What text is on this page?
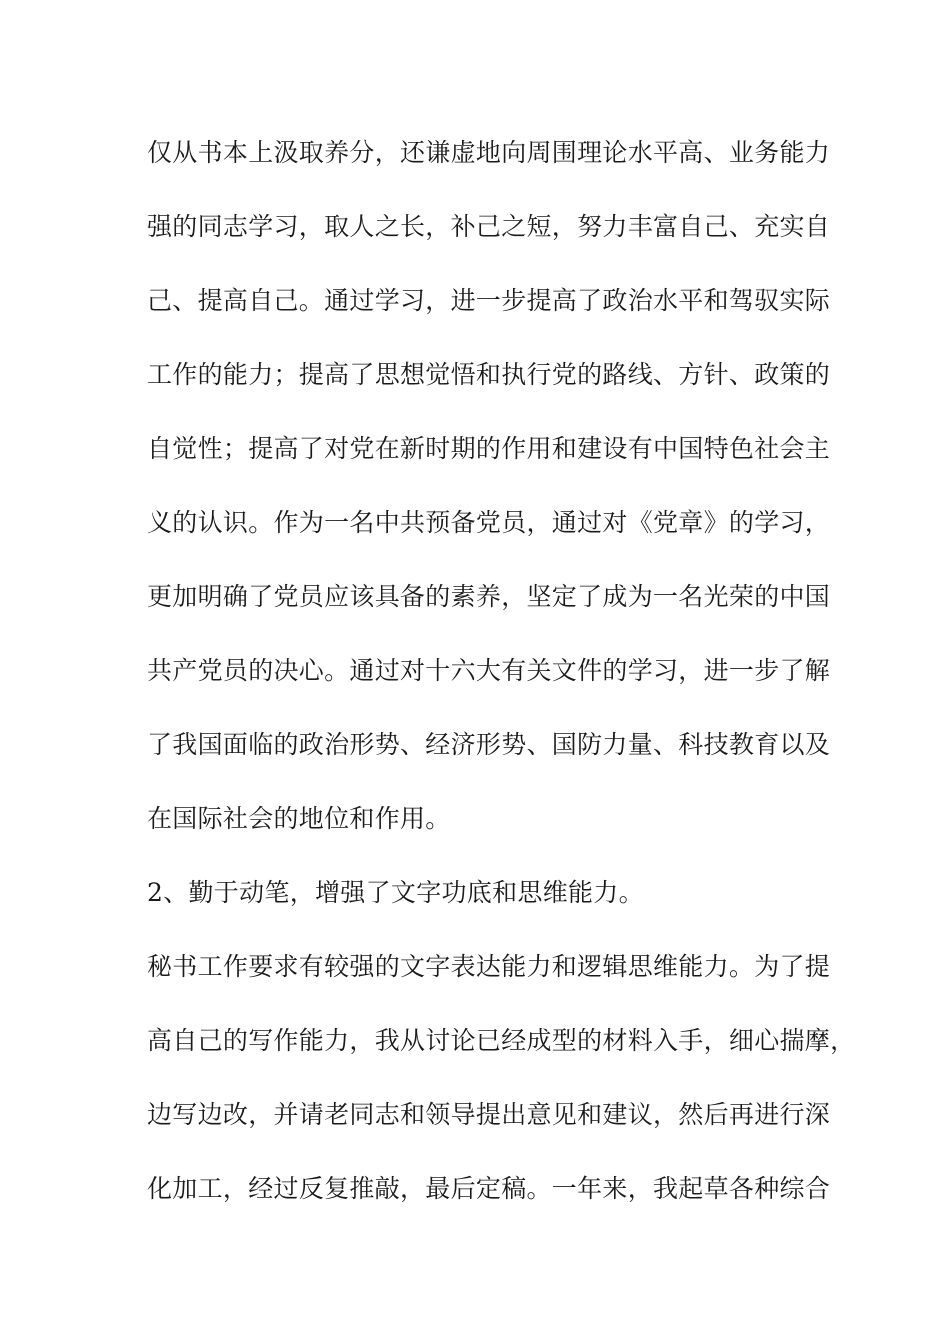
仅从书本上汲取养分，还谦虚地向周围理论水平高、业务能力
强的同志学习，取人之长，补己之短，努力丰富自己、充实自
己、提高自己。通过学习，进一步提高了政治水平和驾驭实际
工作的能力；提高了思想觉悟和执行党的路线、方针、政策的
自觉性；提高了对党在新时期的作用和建设有中国特色社会主
义的认识。作为一名中共预备党员，通过对《党章》的学习，
更加明确了党员应该具备的素养，坚定了成为一名光荣的中国
共产党员的决心。通过对十六大有关文件的学习，进一步了解
了我国面临的政治形势、经济形势、国防力量、科技教育以及
在国际社会的地位和作用。
2、勤于动笔，增强了文字功底和思维能力。
秘书工作要求有较强的文字表达能力和逻辑思维能力。为了提
高自己的写作能力，我从讨论已经成型的材料入手，细心揣摩，
边写边改，并请老同志和领导提出意见和建议，然后再进行深
化加工，经过反复推敲，最后定稿。一年来，我起草各种综合
